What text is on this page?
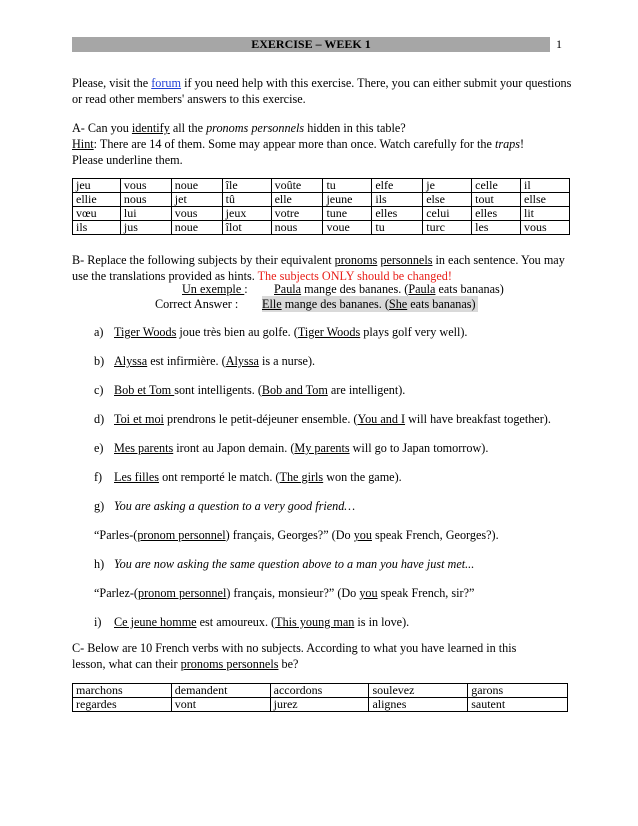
EXERCISE – WEEK 1	1
Please, visit the forum if you need help with this exercise. There, you can either submit your questions or read other members' answers to this exercise.
A- Can you identify all the pronoms personnels hidden in this table?
Hint: There are 14 of them. Some may appear more than once. Watch carefully for the traps!
Please underline them.
jeu	vous	noue	île	voûte	tu	elfe	je	celle	il
ellie	nous	jet	tû	elle	jeune	ils	else	tout	ellse
vœu	lui	vous	jeux	votre	tune	elles	celui	elles	lit
ils	jus	noue	îlot	nous	voue	tu	turc	les	vous
B- Replace the following subjects by their equivalent pronoms personnels in each sentence. You may use the translations provided as hints. The subjects ONLY should be changed!
Un exemple : Paula mange des bananes. (Paula eats bananas)
Correct Answer : Elle mange des bananes. (She eats bananas)
a) Tiger Woods joue très bien au golfe. (Tiger Woods plays golf very well).
b) Alyssa est infirmière. (Alyssa is a nurse).
c) Bob et Tom sont intelligents. (Bob and Tom are intelligent).
d) Toi et moi prendrons le petit-déjeuner ensemble. (You and I will have breakfast together).
e) Mes parents iront au Japon demain. (My parents will go to Japan tomorrow).
f) Les filles ont remporté le match. (The girls won the game).
g) You are asking a question to a very good friend…
“Parles-(pronom personnel) français, Georges?” (Do you speak French, Georges?).
h) You are now asking the same question above to a man you have just met...
“Parlez-(pronom personnel) français, monsieur?” (Do you speak French, sir?”
i) Ce jeune homme est amoureux. (This young man is in love).
C- Below are 10 French verbs with no subjects. According to what you have learned in this lesson, what can their pronoms personnels be?
marchons	demandent	accordons	soulevez	garons
regardes	vont	jurez	alignes	sautent
